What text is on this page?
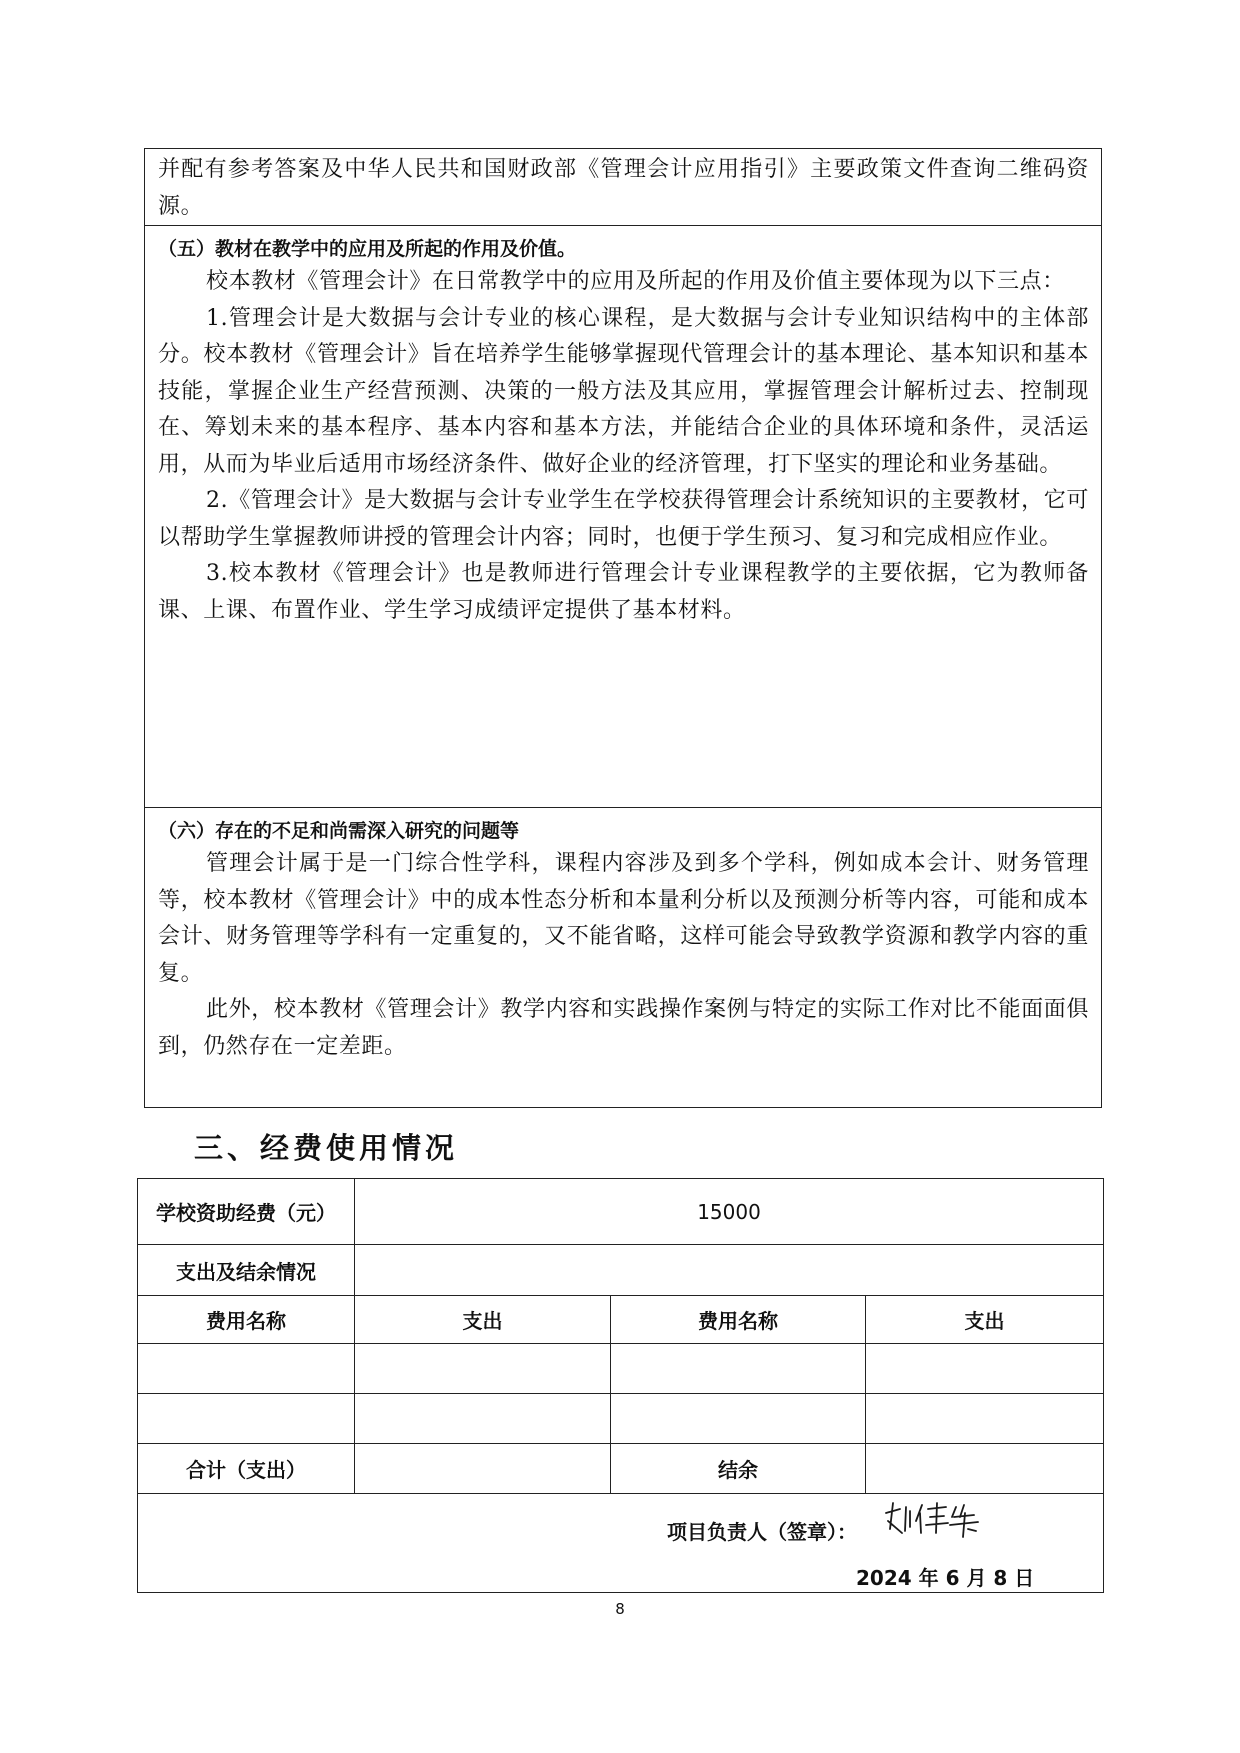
并配有参考答案及中华人民共和国财政部《管理会计应用指引》主要政策文件查询二维码资源。

（五）教材在教学中的应用及所起的作用及价值。

校本教材《管理会计》在日常教学中的应用及所起的作用及价值主要体现为以下三点：

1.管理会计是大数据与会计专业的核心课程，是大数据与会计专业知识结构中的主体部分。校本教材《管理会计》旨在培养学生能够掌握现代管理会计的基本理论、基本知识和基本技能，掌握企业生产经营预测、决策的一般方法及其应用，掌握管理会计解析过去、控制现在、筹划未来的基本程序、基本内容和基本方法，并能结合企业的具体环境和条件，灵活运用，从而为毕业后适用市场经济条件、做好企业的经济管理，打下坚实的理论和业务基础。

2.《管理会计》是大数据与会计专业学生在学校获得管理会计系统知识的主要教材，它可以帮助学生掌握教师讲授的管理会计内容；同时，也便于学生预习、复习和完成相应作业。

3.校本教材《管理会计》也是教师进行管理会计专业课程教学的主要依据，它为教师备课、上课、布置作业、学生学习成绩评定提供了基本材料。

（六）存在的不足和尚需深入研究的问题等

管理会计属于是一门综合性学科，课程内容涉及到多个学科，例如成本会计、财务管理等，校本教材《管理会计》中的成本性态分析和本量利分析以及预测分析等内容，可能和成本会计、财务管理等学科有一定重复的，又不能省略，这样可能会导致教学资源和教学内容的重复。

此外，校本教材《管理会计》教学内容和实践操作案例与特定的实际工作对比不能面面俱到，仍然存在一定差距。

三、经费使用情况
学校资助经费（元）	15000		
支出及结余情况			
费用名称	支出	费用名称	支出

合计（支出）		结余	

项目负责人（签章）：
2024 年 6 月 8 日			
8
